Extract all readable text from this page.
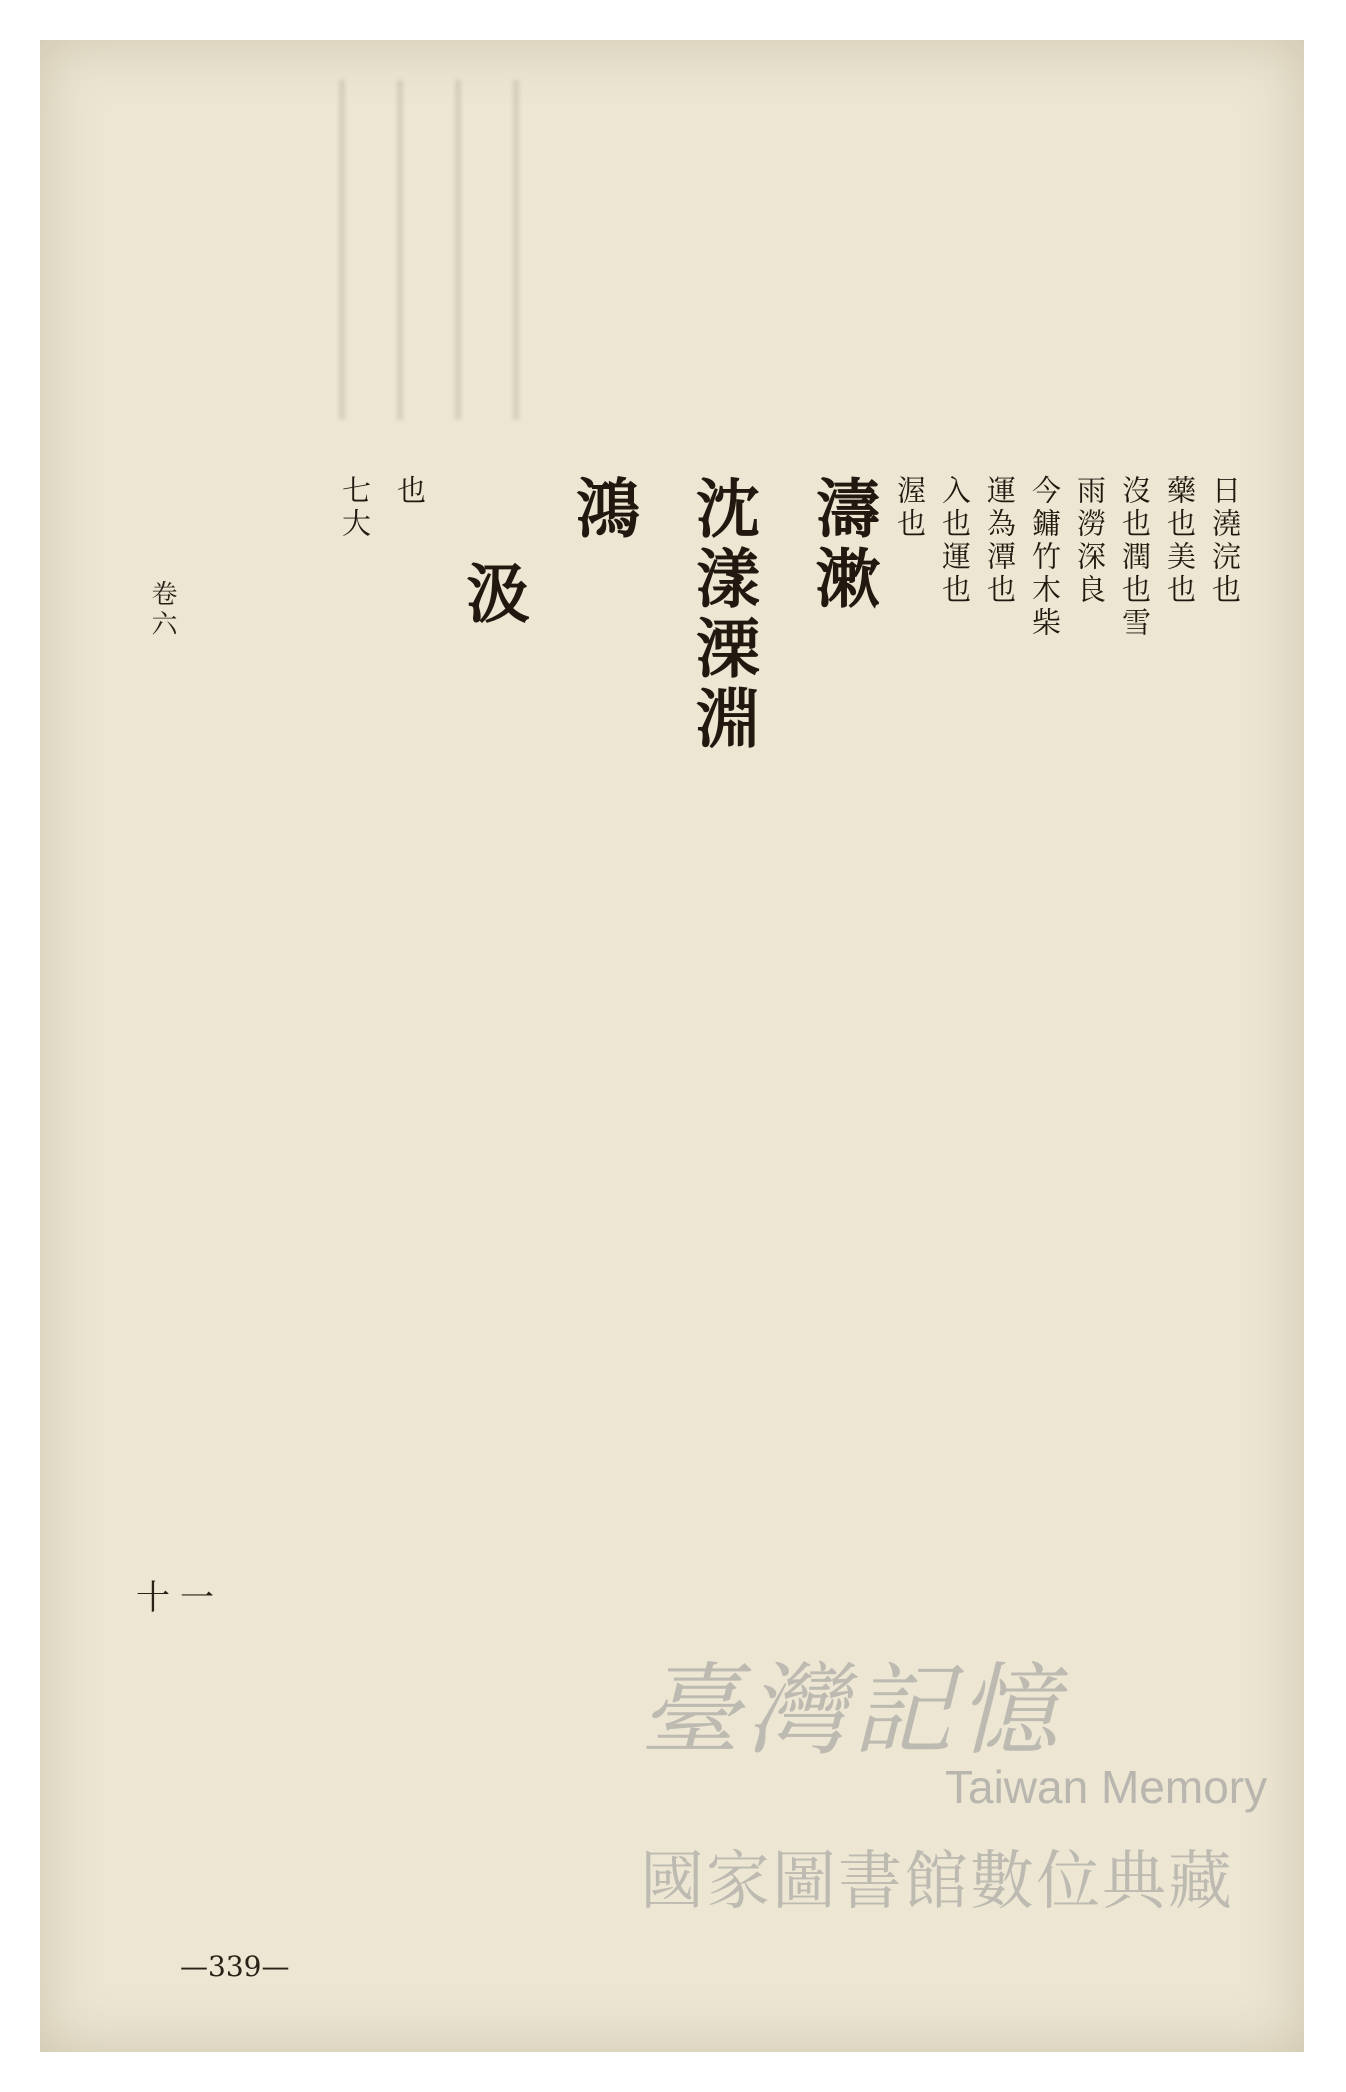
日澆浣也
藥也美也
沒也潤也雪
雨澇深良
今鏞竹木柴
運為潭也
入也運也
渥也
濤漱
沈漾溧淵
鴻
汲
也
七大
卷六
十一
—339—
臺灣記憶
Taiwan Memory
國家圖書館數位典藏
